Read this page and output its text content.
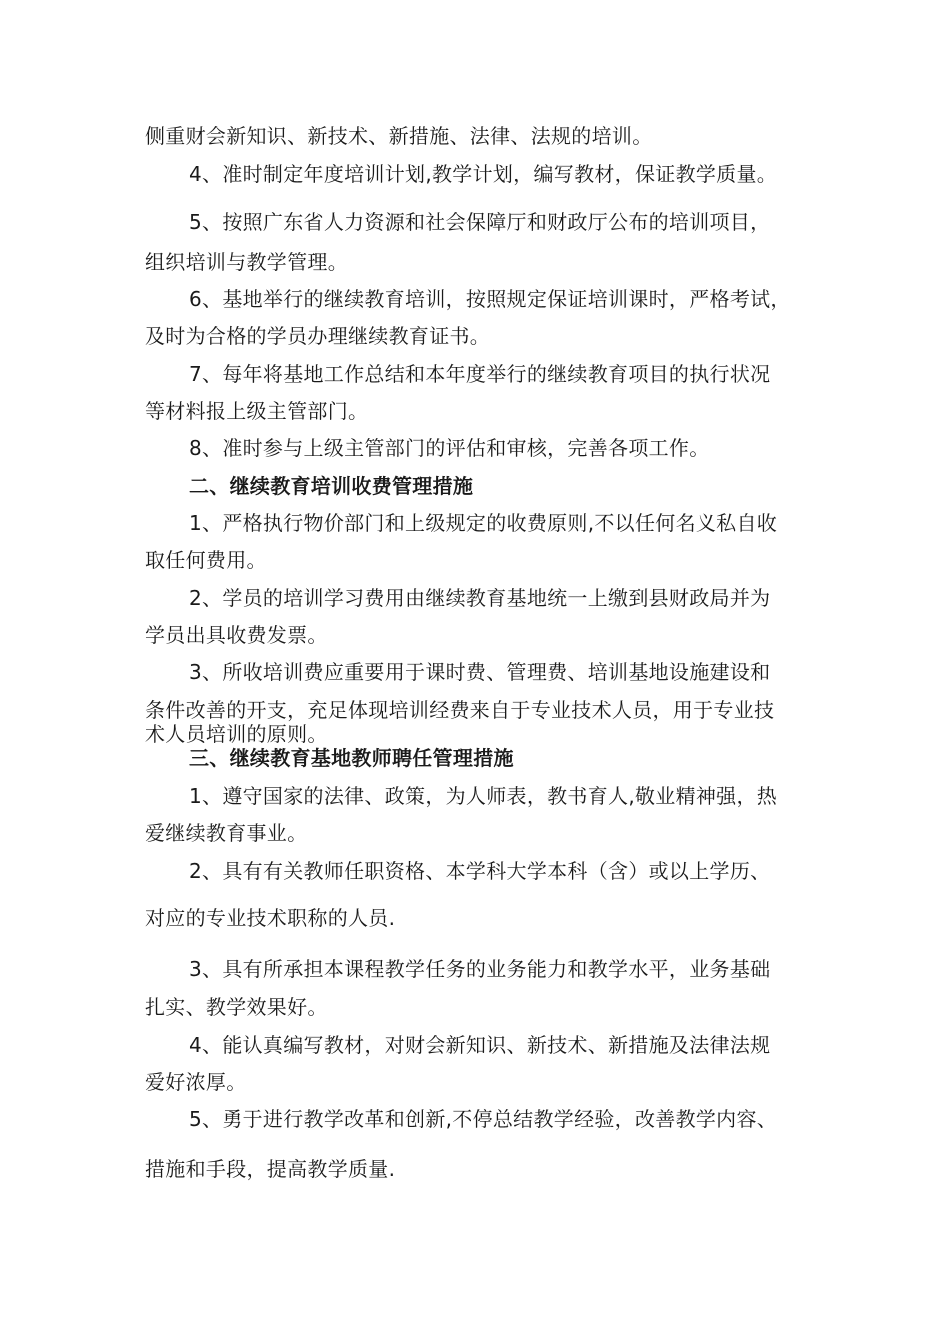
侧重财会新知识、新技术、新措施、法律、法规的培训。
4、准时制定年度培训计划,教学计划，编写教材，保证教学质量。
5、按照广东省人力资源和社会保障厅和财政厅公布的培训项目，
组织培训与教学管理。
6、基地举行的继续教育培训，按照规定保证培训课时，严格考试，
及时为合格的学员办理继续教育证书。
7、每年将基地工作总结和本年度举行的继续教育项目的执行状况
等材料报上级主管部门。
8、准时参与上级主管部门的评估和审核，完善各项工作。
二、继续教育培训收费管理措施
1、严格执行物价部门和上级规定的收费原则,不以任何名义私自收
取任何费用。
2、学员的培训学习费用由继续教育基地统一上缴到县财政局并为
学员出具收费发票。
3、所收培训费应重要用于课时费、管理费、培训基地设施建设和
条件改善的开支，充足体现培训经费来自于专业技术人员，用于专业技
术人员培训的原则。
三、继续教育基地教师聘任管理措施
1、遵守国家的法律、政策，为人师表，教书育人,敬业精神强，热
爱继续教育事业。
2、具有有关教师任职资格、本学科大学本科（含）或以上学历、
对应的专业技术职称的人员.
3、具有所承担本课程教学任务的业务能力和教学水平，业务基础
扎实、教学效果好。
4、能认真编写教材，对财会新知识、新技术、新措施及法律法规
爱好浓厚。
5、勇于进行教学改革和创新,不停总结教学经验，改善教学内容、
措施和手段，提高教学质量.
